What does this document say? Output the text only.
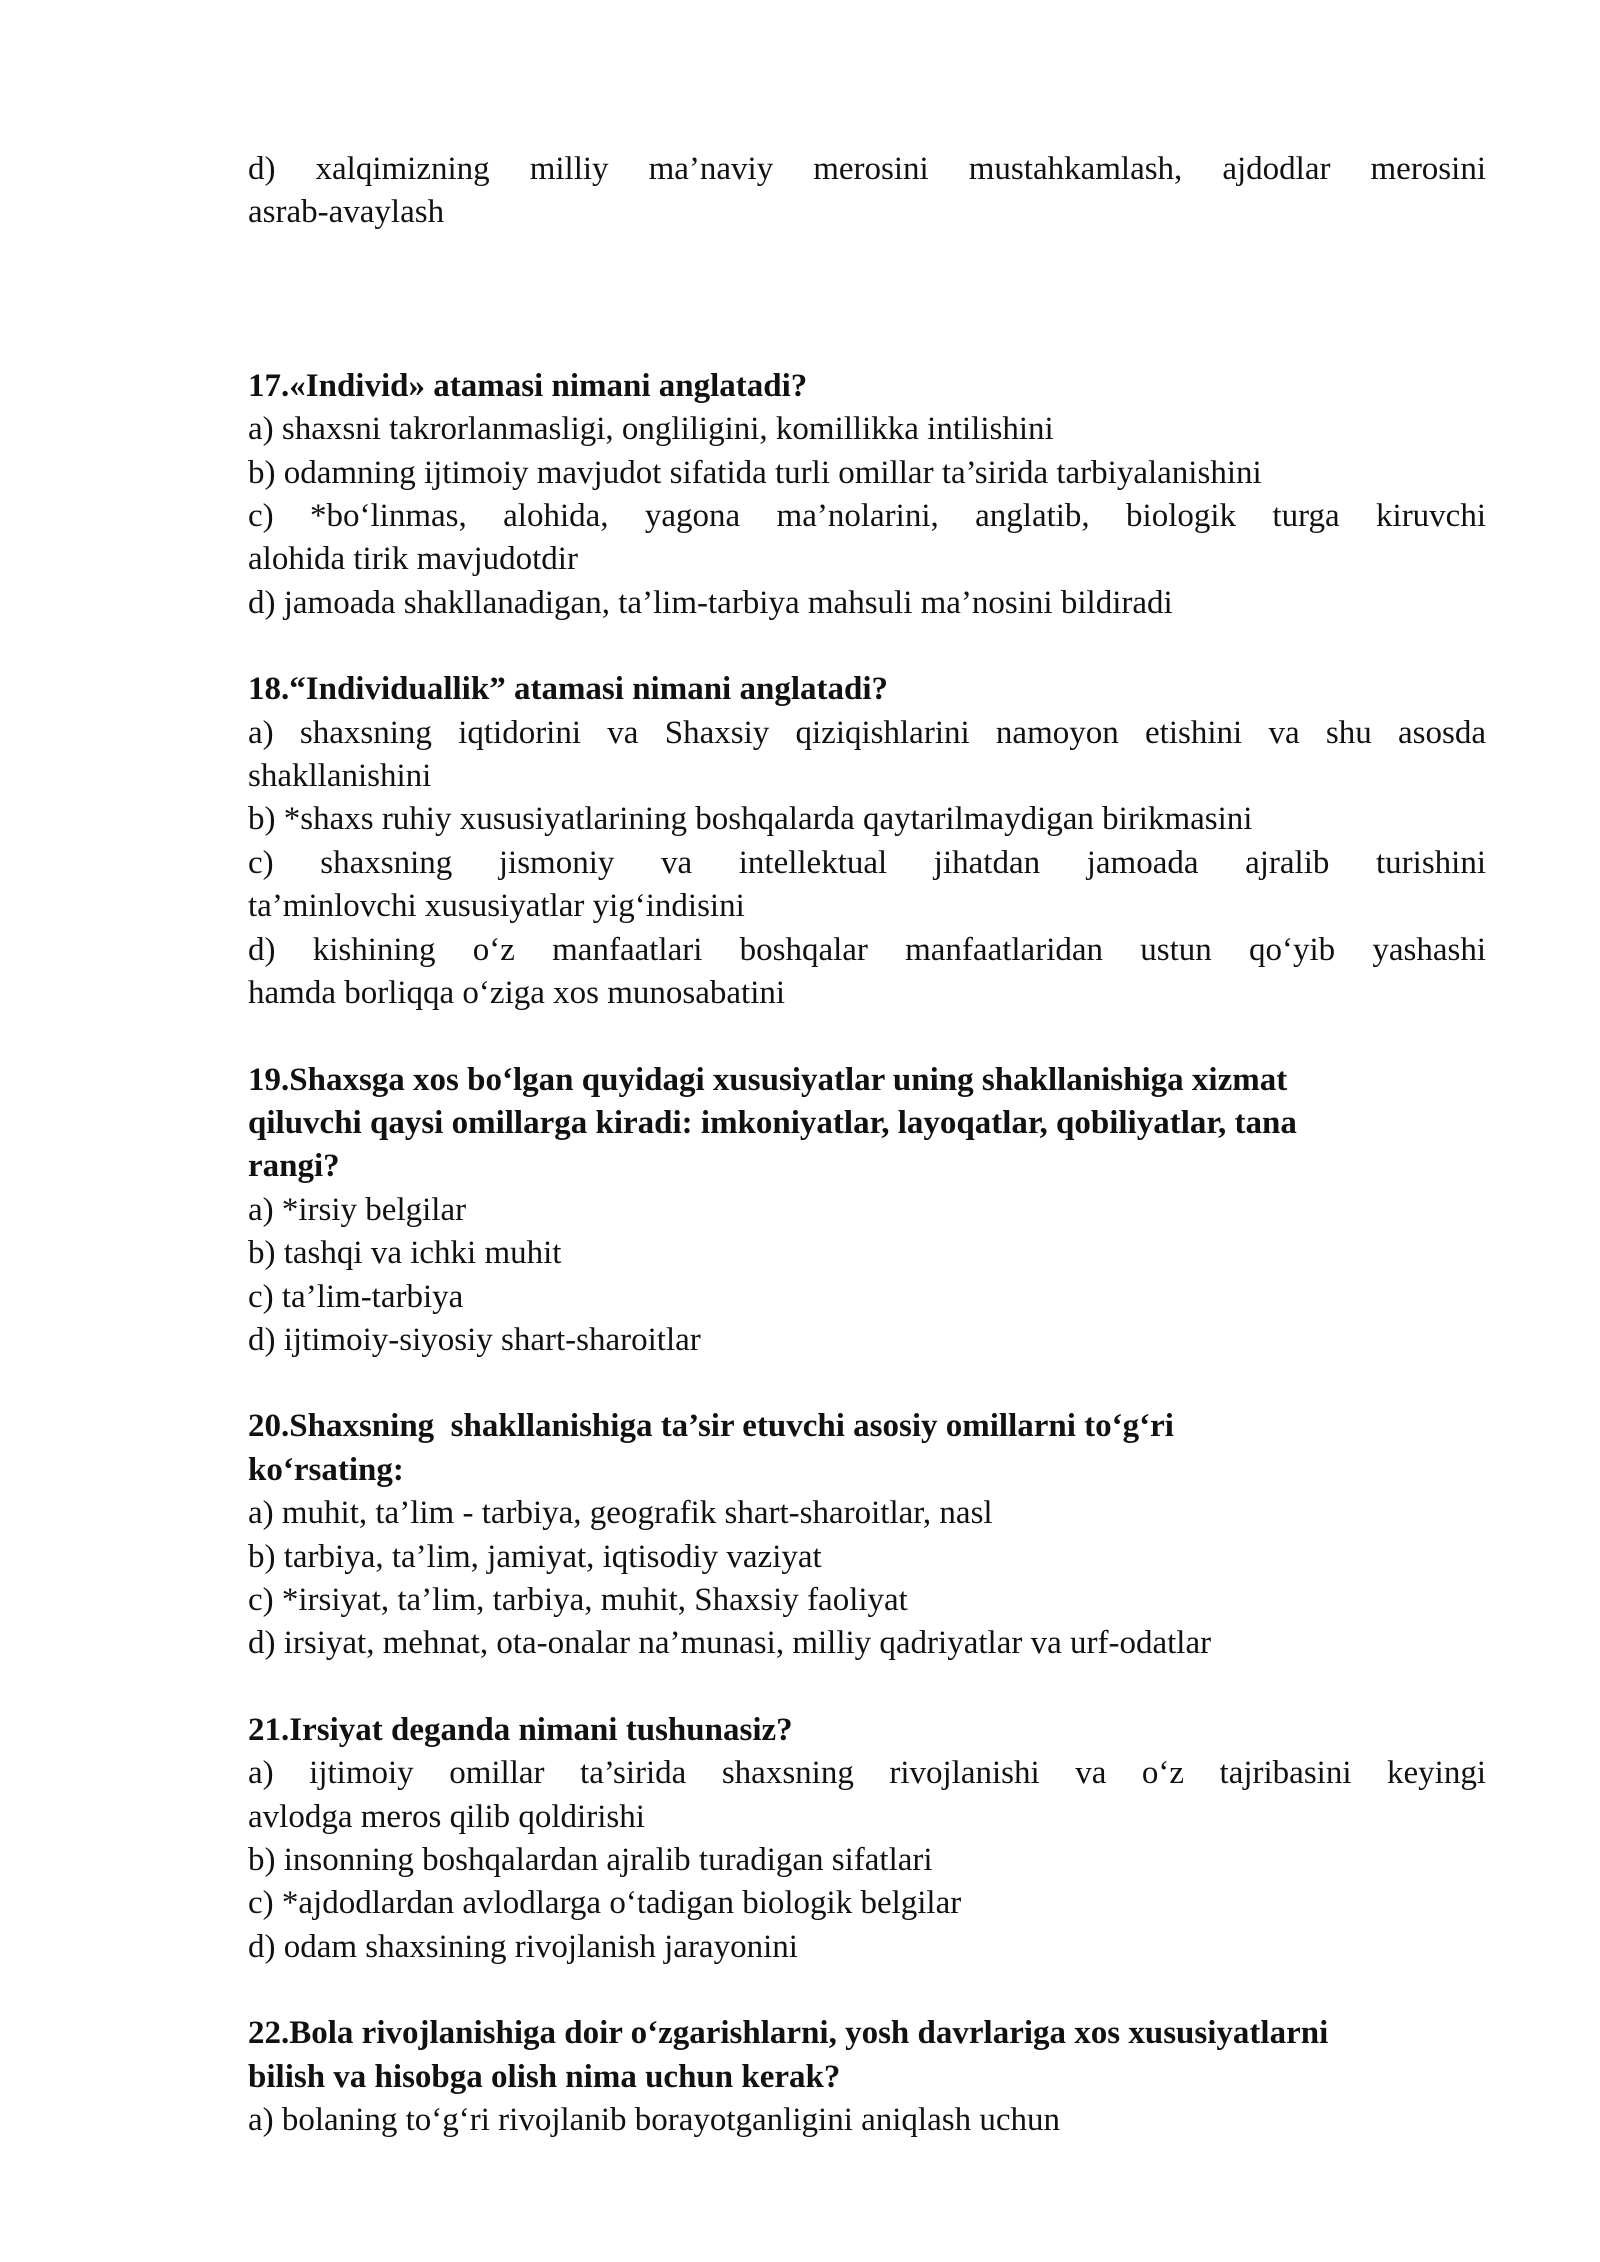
d) xalqimizning milliy ma’naviy merosini mustahkamlash, ajdodlar merosini
asrab-avaylash
17.«Individ» atamasi nimani anglatadi?
a) shaxsni takrorlanmasligi, ongliligini, komillikka intilishini
b) odamning ijtimoiy mavjudot sifatida turli omillar ta’sirida tarbiyalanishini
c) *bo‘linmas, alohida, yagona ma’nolarini, anglatib, biologik turga kiruvchi
alohida tirik mavjudotdir
d) jamoada shakllanadigan, ta’lim-tarbiya mahsuli ma’nosini bildiradi
18.“Individuallik” atamasi nimani anglatadi?
a) shaxsning iqtidorini va Shaxsiy qiziqishlarini namoyon etishini va shu asosda
shakllanishini
b) *shaxs ruhiy xususiyatlarining boshqalarda qaytarilmaydigan birikmasini
c) shaxsning jismoniy va intellektual jihatdan jamoada ajralib turishini
ta’minlovchi xususiyatlar yig‘indisini
d) kishining o‘z manfaatlari boshqalar manfaatlaridan ustun qo‘yib yashashi
hamda borliqqa o‘ziga xos munosabatini
19.Shaxsga xos bo‘lgan quyidagi xususiyatlar uning shakllanishiga xizmat
qiluvchi qaysi omillarga kiradi: imkoniyatlar, layoqatlar, qobiliyatlar, tana
rangi?
a) *irsiy belgilar
b) tashqi va ichki muhit
c) ta’lim-tarbiya
d) ijtimoiy-siyosiy shart-sharoitlar
20.Shaxsning  shakllanishiga ta’sir etuvchi asosiy omillarni to‘g‘ri
ko‘rsating:
a) muhit, ta’lim - tarbiya, geografik shart-sharoitlar, nasl
b) tarbiya, ta’lim, jamiyat, iqtisodiy vaziyat
c) *irsiyat, ta’lim, tarbiya, muhit, Shaxsiy faoliyat
d) irsiyat, mehnat, ota-onalar na’munasi, milliy qadriyatlar va urf-odatlar
21.Irsiyat deganda nimani tushunasiz?
a) ijtimoiy omillar ta’sirida shaxsning rivojlanishi va o‘z tajribasini keyingi
avlodga meros qilib qoldirishi
b) insonning boshqalardan ajralib turadigan sifatlari
c) *ajdodlardan avlodlarga o‘tadigan biologik belgilar
d) odam shaxsining rivojlanish jarayonini
22.Bola rivojlanishiga doir o‘zgarishlarni, yosh davrlariga xos xususiyatlarni
bilish va hisobga olish nima uchun kerak?
a) bolaning to‘g‘ri rivojlanib borayotganligini aniqlash uchun
